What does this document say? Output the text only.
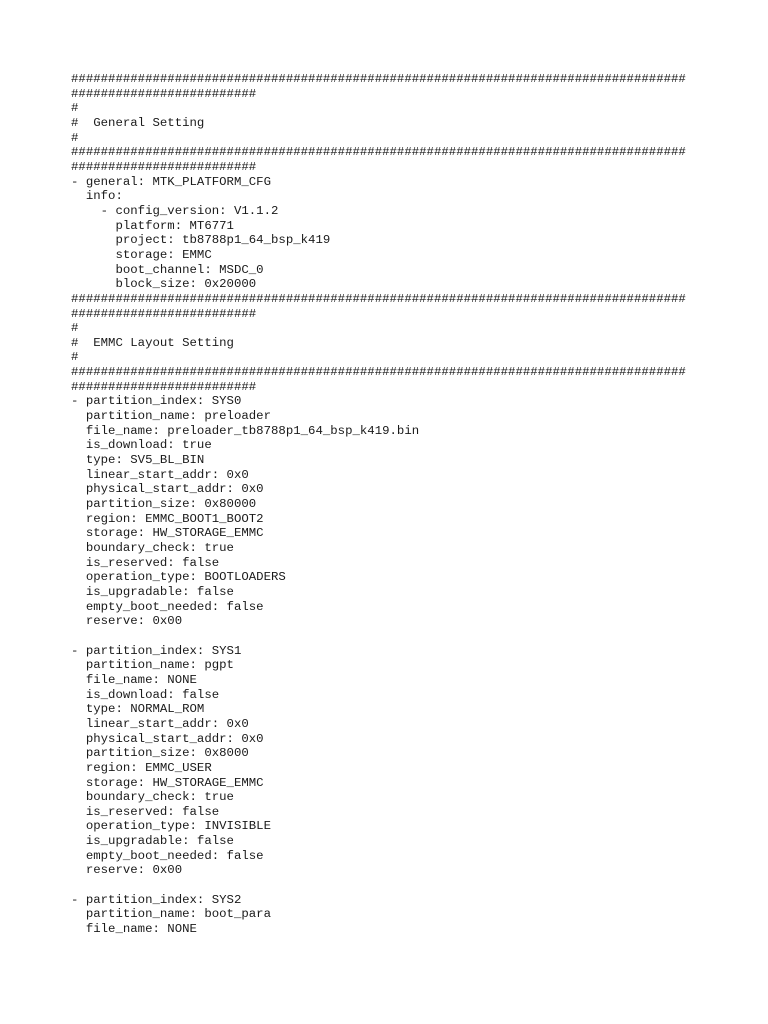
###################################################################################
#########################
#
#  General Setting
#
###################################################################################
#########################
- general: MTK_PLATFORM_CFG
info:
- config_version: V1.1.2
platform: MT6771
project: tb8788p1_64_bsp_k419
storage: EMMC
boot_channel: MSDC_0
block_size: 0x20000
###################################################################################
#########################
#
#  EMMC Layout Setting
#
###################################################################################
#########################
- partition_index: SYS0
partition_name: preloader
file_name: preloader_tb8788p1_64_bsp_k419.bin
is_download: true
type: SV5_BL_BIN
linear_start_addr: 0x0
physical_start_addr: 0x0
partition_size: 0x80000
region: EMMC_BOOT1_BOOT2
storage: HW_STORAGE_EMMC
boundary_check: true
is_reserved: false
operation_type: BOOTLOADERS
is_upgradable: false
empty_boot_needed: false
reserve: 0x00
- partition_index: SYS1
partition_name: pgpt
file_name: NONE
is_download: false
type: NORMAL_ROM
linear_start_addr: 0x0
physical_start_addr: 0x0
partition_size: 0x8000
region: EMMC_USER
storage: HW_STORAGE_EMMC
boundary_check: true
is_reserved: false
operation_type: INVISIBLE
is_upgradable: false
empty_boot_needed: false
reserve: 0x00
- partition_index: SYS2
partition_name: boot_para
file_name: NONE
